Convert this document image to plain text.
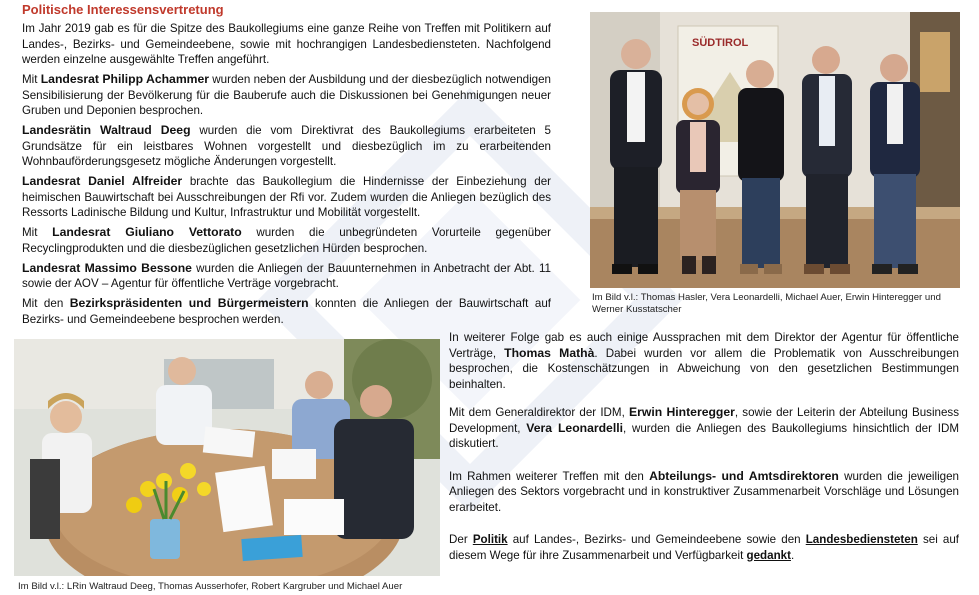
Politische Interessensvertretung

Im Jahr 2019 gab es für die Spitze des Baukollegiums eine ganze Reihe von Treffen mit Politikern auf Landes-, Bezirks- und Gemeindeebene, sowie mit hochrangigen Landesbediensteten. Nachfolgend werden einzelne ausgewählte Treffen angeführt.

Mit Landesrat Philipp Achammer wurden neben der Ausbildung und der diesbezüglich notwendigen Sensibilisierung der Bevölkerung für die Bauberufe auch die Diskussionen bei Genehmigungen neuer Gruben und Deponien besprochen.

Landesrätin Waltraud Deeg wurden die vom Direktivrat des Baukollegiums erarbeiteten 5 Grundsätze für ein leistbares Wohnen vorgestellt und diesbezüglich im zu erarbeitenden Wohnbauförderungsgesetz mögliche Änderungen vorgestellt.

Landesrat Daniel Alfreider brachte das Baukollegium die Hindernisse der Einbeziehung der heimischen Bauwirtschaft bei Ausschreibungen der Rfi vor. Zudem wurden die Anliegen bezüglich des Ressorts Ladinische Bildung und Kultur, Infrastruktur und Mobilität vorgestellt.

Mit Landesrat Giuliano Vettorato wurden die unbegründeten Vorurteile gegenüber Recyclingprodukten und die diesbezüglichen gesetzlichen Hürden besprochen.

Landesrat Massimo Bessone wurden die Anliegen der Bauunternehmen in Anbetracht der Abt. 11 sowie der AOV – Agentur für öffentliche Verträge vorgebracht.

Mit den Bezirkspräsidenten und Bürgermeistern konnten die Anliegen der Bauwirtschaft auf Bezirks- und Gemeindeebene besprochen werden.

SÜDTIROL
Im Bild v.l.: Thomas Hasler, Vera Leonardelli, Michael Auer, Erwin Hinteregger und Werner Kusstatscher
Im Bild v.l.: LRin Waltraud Deeg, Thomas Ausserhofer, Robert Kargruber und Michael Auer

In weiterer Folge gab es auch einige Aussprachen mit dem Direktor der Agentur für öffentliche Verträge, Thomas Mathà. Dabei wurden vor allem die Problematik von Ausschreibungen besprochen, die Kostenschätzungen in Abweichung von den gesetzlichen Bestimmungen beinhalten.

Mit dem Generaldirektor der IDM, Erwin Hinteregger, sowie der Leiterin der Abteilung Business Development, Vera Leonardelli, wurden die Anliegen des Baukollegiums hinsichtlich der IDM diskutiert.

Im Rahmen weiterer Treffen mit den Abteilungs- und Amtsdirektoren wurden die jeweiligen Anliegen des Sektors vorgebracht und in konstruktiver Zusammenarbeit Vorschläge und Lösungen erarbeitet.

Der Politik auf Landes-, Bezirks- und Gemeindeebene sowie den Landesbediensteten sei auf diesem Wege für ihre Zusammenarbeit und Verfügbarkeit gedankt.
